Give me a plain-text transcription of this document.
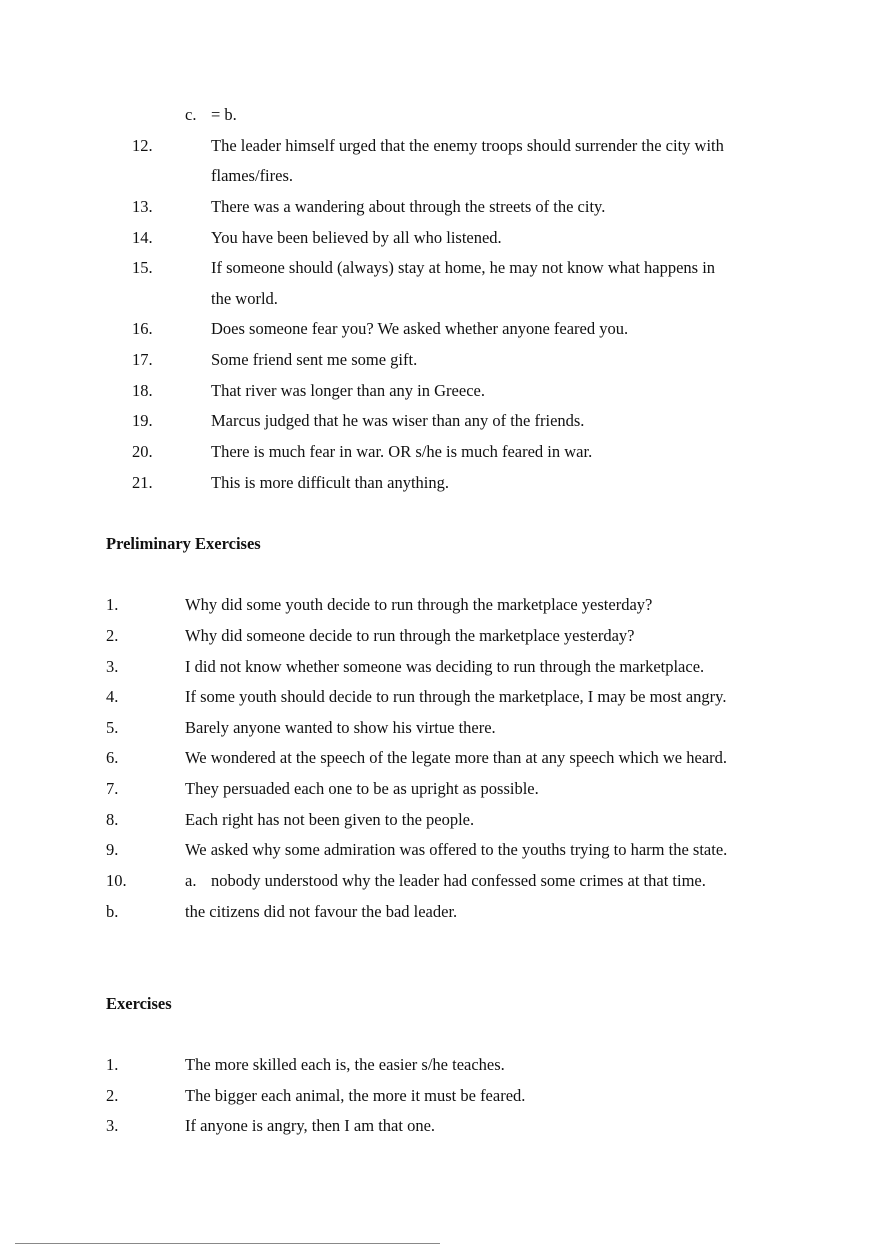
c. = b.
12.	The leader himself urged that the enemy troops should surrender the city with
flames/fires.
13.	There was a wandering about through the streets of the city.
14.	You have been believed by all who listened.
15.	If someone should (always) stay at home, he may not know what happens in
the world.
16.	Does someone fear you? We asked whether anyone feared you.
17.	Some friend sent me some gift.
18.	That river was longer than any in Greece.
19.	Marcus judged that he was wiser than any of the friends.
20.	There is much fear in war. OR s/he is much feared in war.
21.	This is more difficult than anything.
Preliminary Exercises
1.	Why did some youth decide to run through the marketplace yesterday?
2.	Why did someone decide to run through the marketplace yesterday?
3.	I did not know whether someone was deciding to run through the marketplace.
4.	If some youth should decide to run through the marketplace, I may be most angry.
5.	Barely anyone wanted to show his virtue there.
6.	We wondered at the speech of the legate more than at any speech which we heard.
7.	They persuaded each one to be as upright as possible.
8.	Each right has not been given to the people.
9.	We asked why some admiration was offered to the youths trying to harm the state.
10.	a. nobody understood why the leader had confessed some crimes at that time.
b.	the citizens did not favour the bad leader.
Exercises
1.	The more skilled each is, the easier s/he teaches.
2.	The bigger each animal, the more it must be feared.
3.	If anyone is angry, then I am that one.
